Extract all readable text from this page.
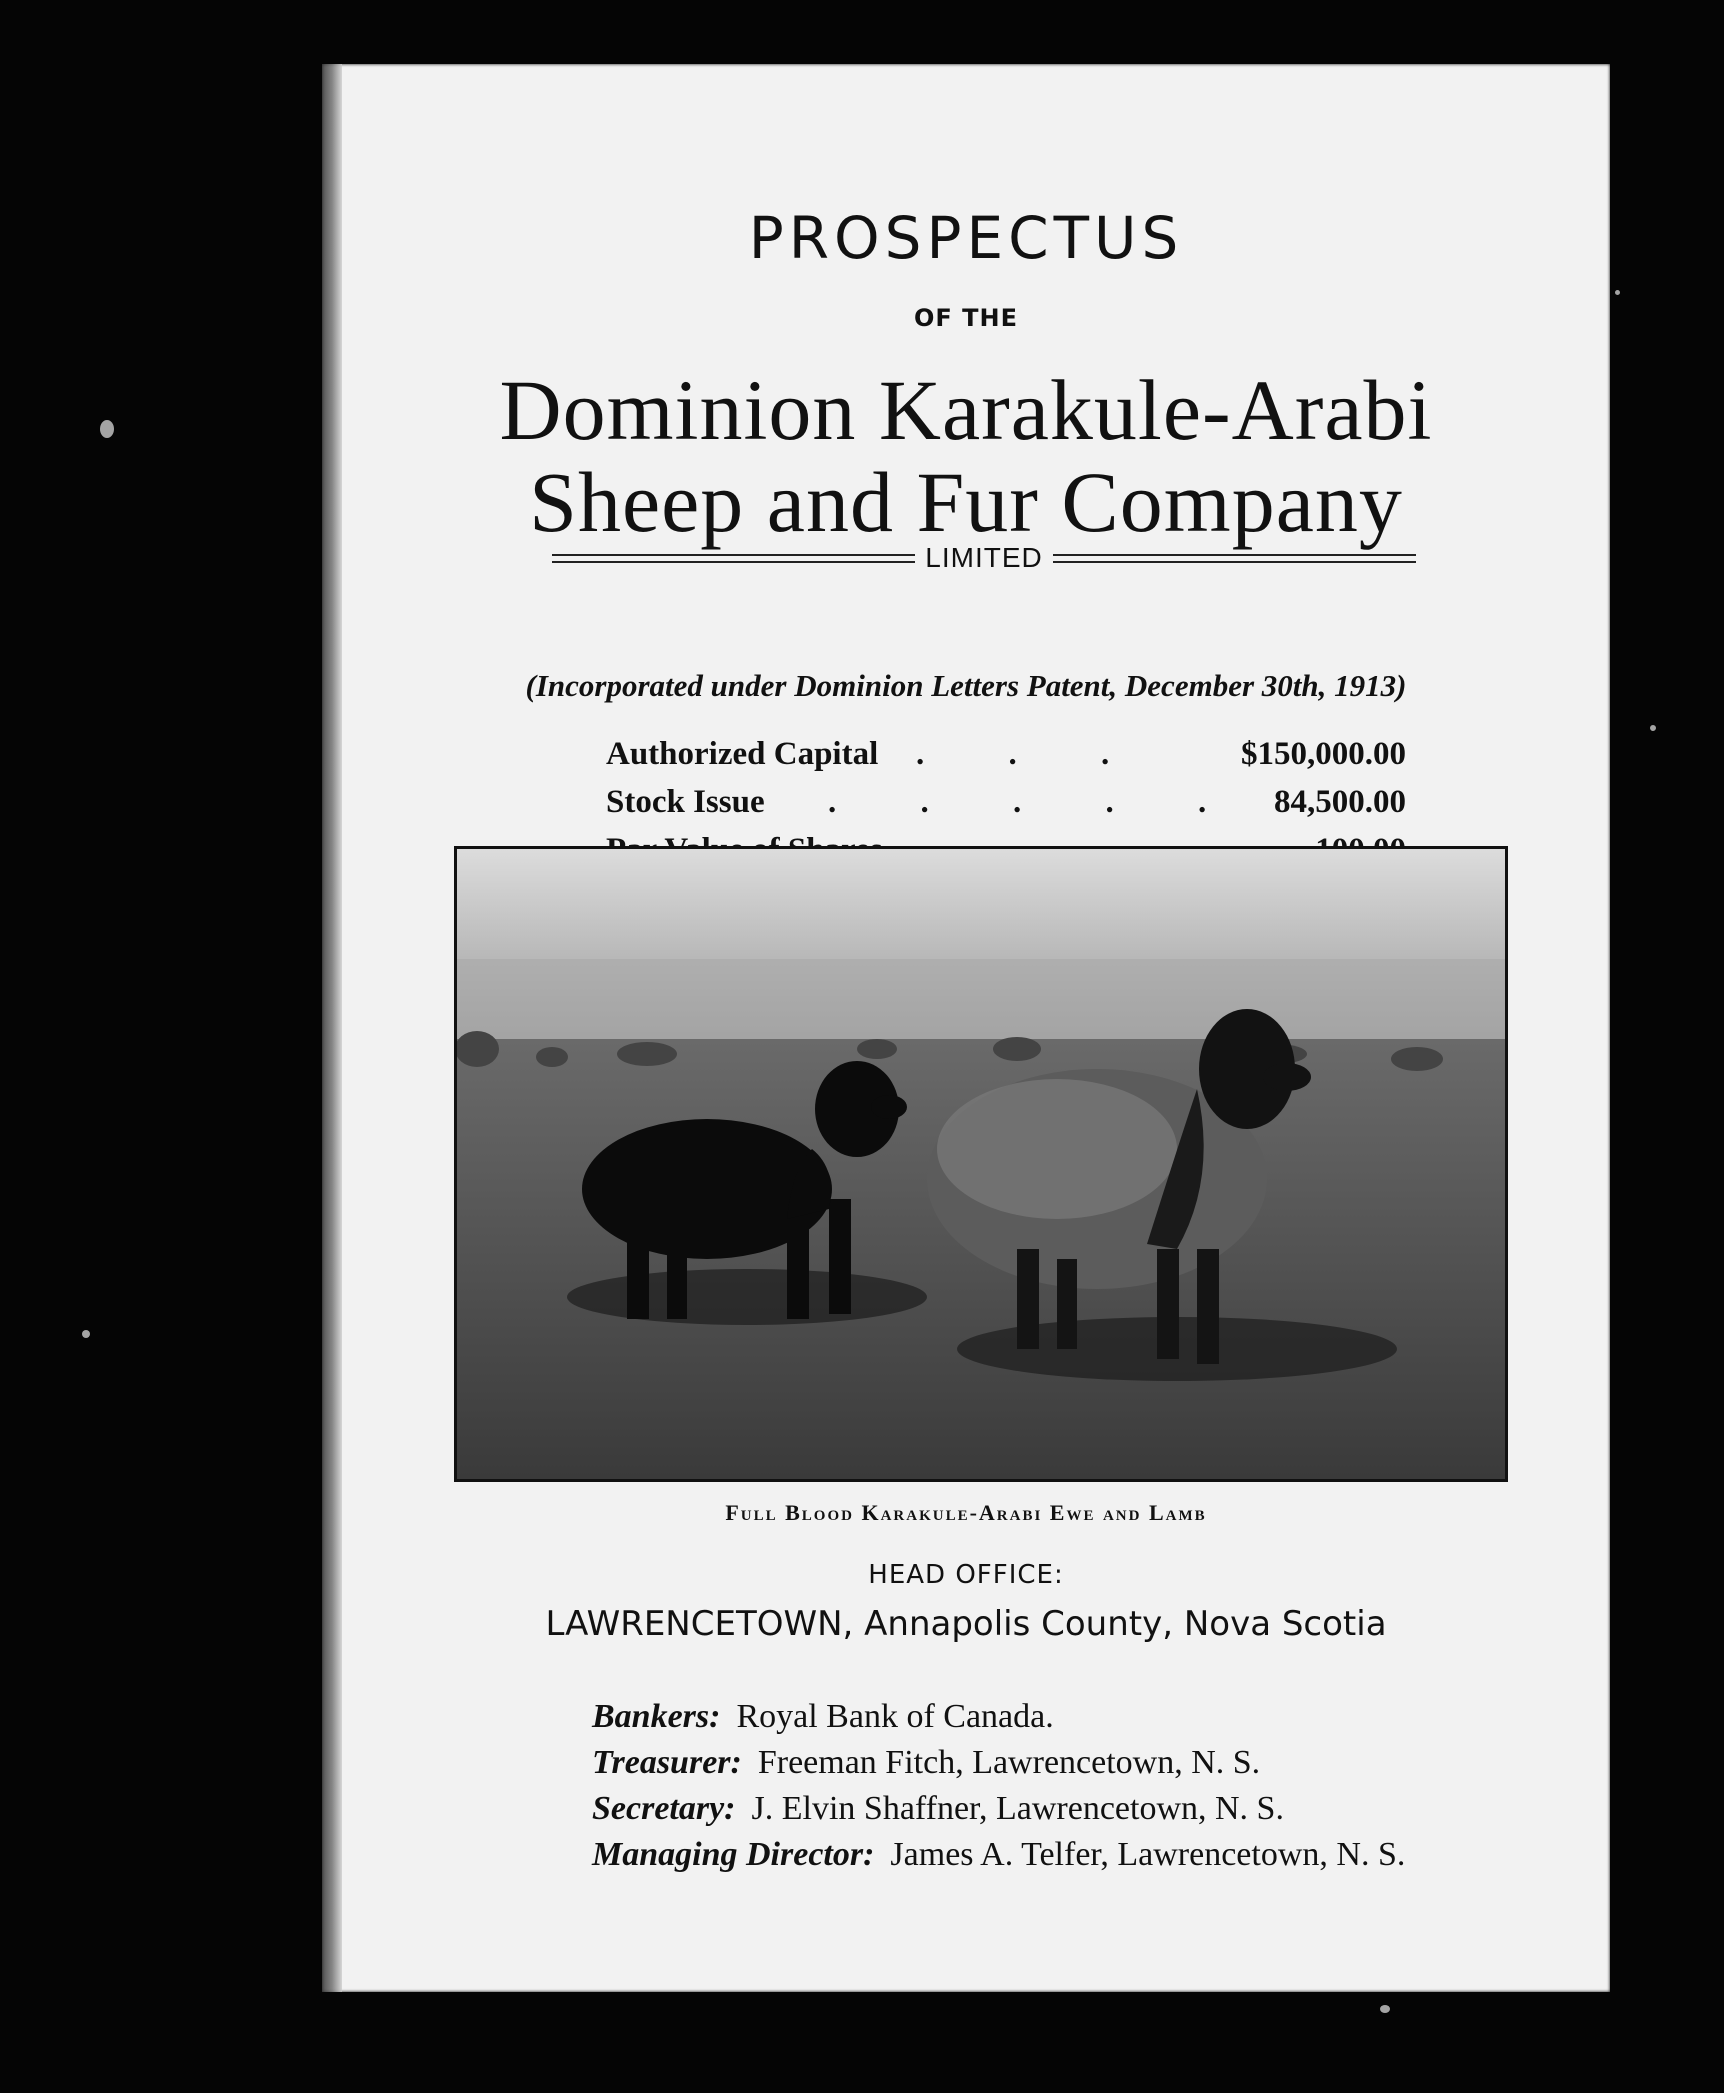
PROSPECTUS
OF THE
Dominion Karakule-Arabi
Sheep and Fur Company
LIMITED
(Incorporated under Dominion Letters Patent, December 30th, 1913)
Authorized Capital . . .	$150,000.00
Stock Issue . . . . . 84,500.00
Full Blood Karakule-Arabi Ewe and Lamb
HEAD OFFICE:
LAWRENCETOWN, Annapolis County, Nova Scotia
Bankers: Royal Bank of Canada.
Treasurer: Freeman Fitch, Lawrencetown, N. S.
Secretary: J. Elvin Shaffner, Lawrencetown, N. S.
Managing Director: James A. Telfer, Lawrencetown, N. S.
